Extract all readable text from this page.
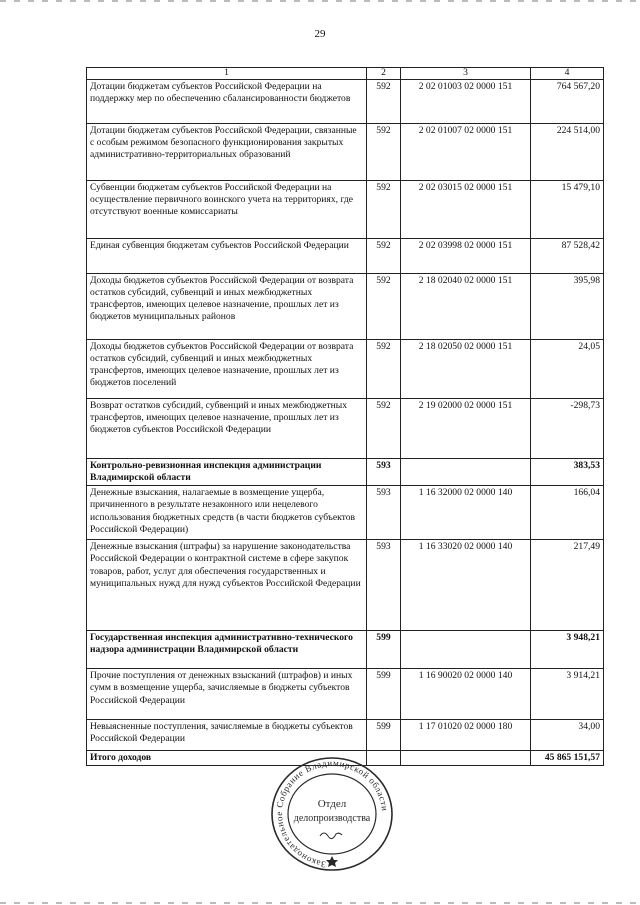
29
1	2	3	4
Дотации бюджетам субъектов Российской Федерации на поддержку мер по обеспечению сбалансированности бюджетов	592	2 02 01003 02 0000 151	764 567,20
Дотации бюджетам субъектов Российской Федерации, связанные с особым режимом безопасного функционирования закрытых административно-территориальных образований	592	2 02 01007 02 0000 151	224 514,00
Субвенции бюджетам субъектов Российской Федерации на осуществление первичного воинского учета на территориях, где отсутствуют военные комиссариаты	592	2 02 03015 02 0000 151	15 479,10
Единая субвенция бюджетам субъектов Российской Федерации	592	2 02 03998 02 0000 151	87 528,42
Доходы бюджетов субъектов Российской Федерации от возврата остатков субсидий, субвенций и иных межбюджетных трансфертов, имеющих целевое назначение, прошлых лет из бюджетов муниципальных районов	592	2 18 02040 02 0000 151	395,98
Доходы бюджетов субъектов Российской Федерации от возврата остатков субсидий, субвенций и иных межбюджетных трансфертов, имеющих целевое назначение, прошлых лет из бюджетов поселений	592	2 18 02050 02 0000 151	24,05
Возврат остатков субсидий, субвенций и иных межбюджетных трансфертов, имеющих целевое назначение, прошлых лет из бюджетов субъектов Российской Федерации	592	2 19 02000 02 0000 151	-298,73
Контрольно-ревизионная инспекция администрации Владимирской области	593		383,53
Денежные взыскания, налагаемые в возмещение ущерба, причиненного в результате незаконного или нецелевого использования бюджетных средств (в части бюджетов субъектов Российской Федерации)	593	1 16 32000 02 0000 140	166,04
Денежные взыскания (штрафы) за нарушение законодательства Российской Федерации о контрактной системе в сфере закупок товаров, работ, услуг для обеспечения государственных и муниципальных нужд для нужд субъектов Российской Федерации	593	1 16 33020 02 0000 140	217,49
Государственная инспекция административно-технического надзора администрации Владимирской области	599		3 948,21
Прочие поступления от денежных взысканий (штрафов) и иных сумм в возмещение ущерба, зачисляемые в бюджеты субъектов Российской Федерации	599	1 16 90020 02 0000 140	3 914,21
Невыясненные поступления, зачисляемые в бюджеты субъектов Российской Федерации	599	1 17 01020 02 0000 180	34,00
Итого доходов			45 865 151,57
Законодательное Собрание Владимирской области
Отдел
делопроизводства
